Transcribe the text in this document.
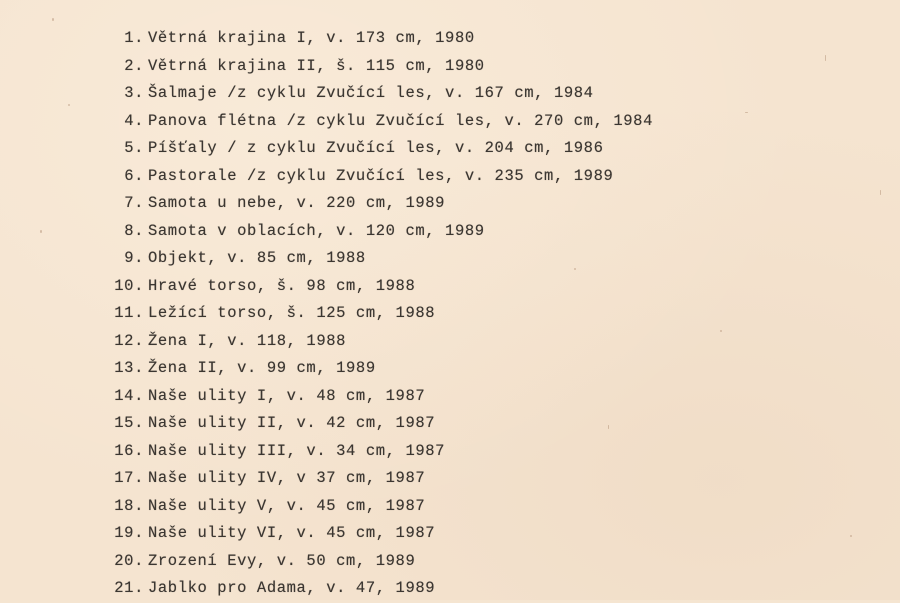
1. Větrná krajina I, v. 173 cm, 1980
2. Větrná krajina II, š. 115 cm, 1980
3. Šalmaje /z cyklu Zvučící les, v. 167 cm, 1984
4. Panova flétna /z cyklu Zvučící les, v. 270 cm, 1984
5. Píšťaly / z cyklu Zvučící les, v. 204 cm, 1986
6. Pastorale /z cyklu Zvučící les, v. 235 cm, 1989
7. Samota u nebe, v. 220 cm, 1989
8. Samota v oblacích, v. 120 cm, 1989
9. Objekt, v. 85 cm, 1988
10. Hravé torso, š. 98 cm, 1988
11. Ležící torso, š. 125 cm, 1988
12. Žena I, v. 118, 1988
13. Žena II, v. 99 cm, 1989
14. Naše ulity I, v. 48 cm, 1987
15. Naše ulity II, v. 42 cm, 1987
16. Naše ulity III, v. 34 cm, 1987
17. Naše ulity IV, v 37 cm, 1987
18. Naše ulity V, v. 45 cm, 1987
19. Naše ulity VI, v. 45 cm, 1987
20. Zrození Evy, v. 50 cm, 1989
21. Jablko pro Adama, v. 47, 1989
